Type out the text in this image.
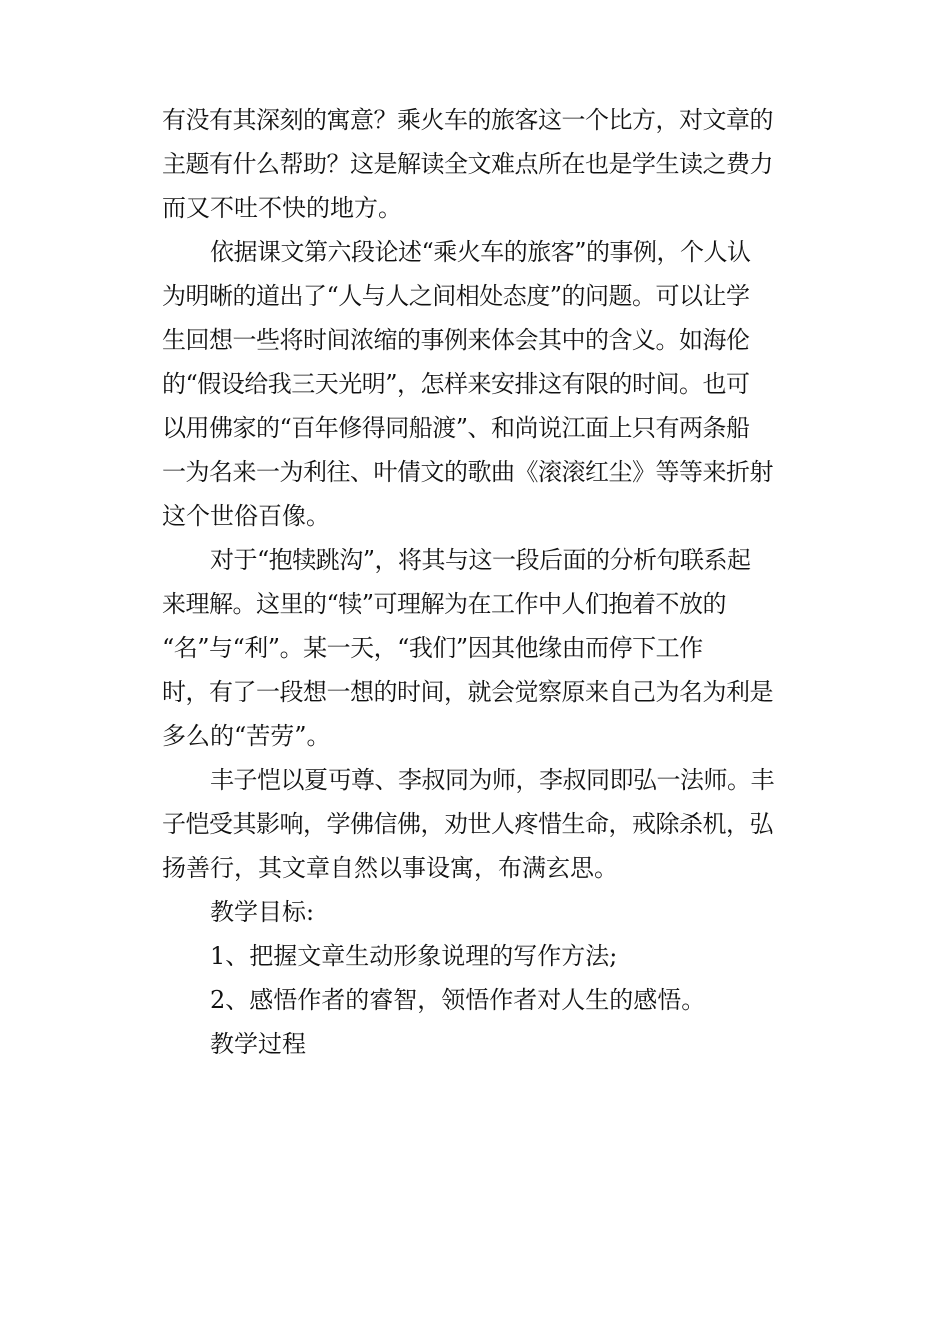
有没有其深刻的寓意？乘火车的旅客这一个比方，对文章的
主题有什么帮助？这是解读全文难点所在也是学生读之费力
而又不吐不快的地方。
依据课文第六段论述“乘火车的旅客”的事例，个人认
为明晰的道出了“人与人之间相处态度”的问题。可以让学
生回想一些将时间浓缩的事例来体会其中的含义。如海伦
的“假设给我三天光明”，怎样来安排这有限的时间。也可
以用佛家的“百年修得同船渡”、和尚说江面上只有两条船
一为名来一为利往、叶倩文的歌曲《滚滚红尘》等等来折射
这个世俗百像。
对于“抱犊跳沟”，将其与这一段后面的分析句联系起
来理解。这里的“犊”可理解为在工作中人们抱着不放的
“名”与“利”。某一天，“我们”因其他缘由而停下工作
时，有了一段想一想的时间，就会觉察原来自己为名为利是
多么的“苦劳”。
丰子恺以夏丏尊、李叔同为师，李叔同即弘一法师。丰
子恺受其影响，学佛信佛，劝世人疼惜生命，戒除杀机，弘
扬善行，其文章自然以事设寓，布满玄思。
教学目标:
1、把握文章生动形象说理的写作方法;
2、感悟作者的睿智，领悟作者对人生的感悟。
教学过程
